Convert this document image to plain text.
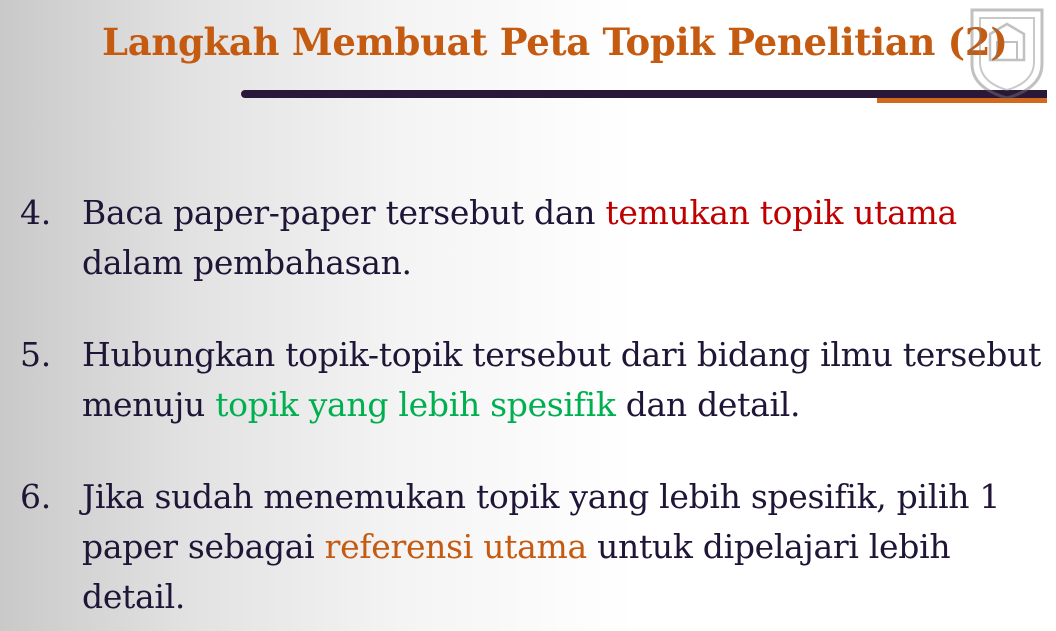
Langkah Membuat Peta Topik Penelitian (2)
4. Baca paper-paper tersebut dan temukan topik utama dalam pembahasan.
5. Hubungkan topik-topik tersebut dari bidang ilmu tersebut menuju topik yang lebih spesifik dan detail.
6. Jika sudah menemukan topik yang lebih spesifik, pilih 1 paper sebagai referensi utama untuk dipelajari lebih detail.
